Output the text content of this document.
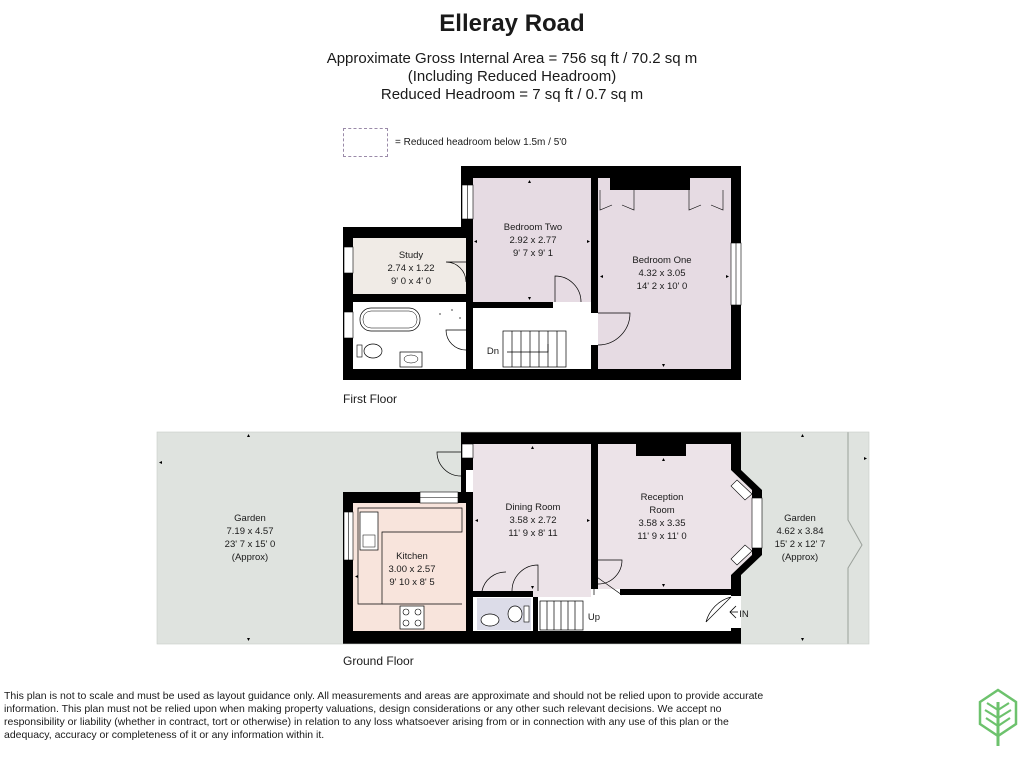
Elleray Road
Approximate Gross Internal Area = 756 sq ft / 70.2 sq m
(Including Reduced Headroom)
Reduced Headroom = 7 sq ft / 0.7 sq m
= Reduced headroom below 1.5m / 5'0
Study
2.74 x 1.22
9' 0 x 4' 0
Bedroom Two
2.92 x 2.77
9' 7 x 9' 1
Bedroom One
4.32 x 3.05
14' 2 x 10' 0
Dn
Garden
7.19 x 4.57
23' 7 x 15' 0
(Approx)	Kitchen
3.00 x 2.57
9' 10 x 8' 5
Dining Room
3.58 x 2.72
11' 9 x 8' 11
Reception
Room
3.58 x 3.35
11' 9 x 11' 0
Garden
4.62 x 3.84
15' 2 x 12' 7
(Approx)
Up	IN
First Floor
Ground Floor
This plan is not to scale and must be used as layout guidance only. All measurements and areas are approximate and should not be relied upon to provide accurate information. This plan must not be relied upon when making property valuations, design considerations or any other such relevant decisions. We accept no responsibility or liability (whether in contract, tort or otherwise) in relation to any loss whatsoever arising from or in connection with any use of this plan or the adequacy, accuracy or completeness of it or any information within it.
